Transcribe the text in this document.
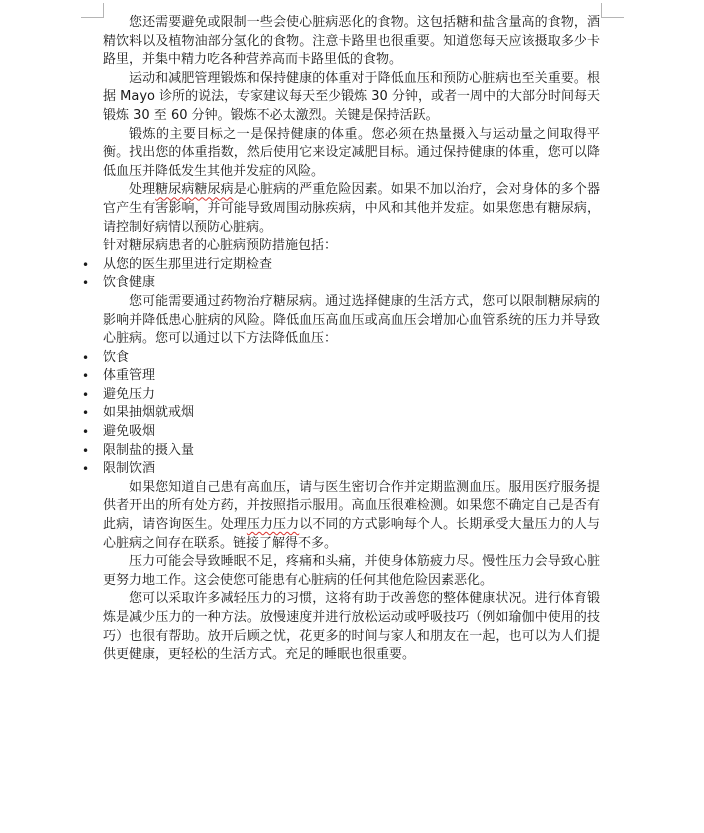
您还需要避免或限制一些会使心脏病恶化的食物。这包括糖和盐含量高的食物，酒精饮料以及植物油部分氢化的食物。注意卡路里也很重要。知道您每天应该摄取多少卡路里，并集中精力吃各种营养高而卡路里低的食物。

运动和减肥管理锻炼和保持健康的体重对于降低血压和预防心脏病也至关重要。根据 Mayo 诊所的说法，专家建议每天至少锻炼 30 分钟，或者一周中的大部分时间每天锻炼 30 至 60 分钟。锻炼不必太激烈。关键是保持活跃。

锻炼的主要目标之一是保持健康的体重。您必须在热量摄入与运动量之间取得平衡。找出您的体重指数，然后使用它来设定减肥目标。通过保持健康的体重，您可以降低血压并降低发生其他并发症的风险。

处理糖尿病糖尿病是心脏病的严重危险因素。如果不加以治疗，会对身体的多个器官产生有害影响，并可能导致周围动脉疾病，中风和其他并发症。如果您患有糖尿病，请控制好病情以预防心脏病。

针对糖尿病患者的心脏病预防措施包括：

• 从您的医生那里进行定期检查
• 饮食健康

您可能需要通过药物治疗糖尿病。通过选择健康的生活方式，您可以限制糖尿病的影响并降低患心脏病的风险。降低血压高血压或高血压会增加心血管系统的压力并导致心脏病。您可以通过以下方法降低血压：

• 饮食
• 体重管理
• 避免压力
• 如果抽烟就戒烟
• 避免吸烟
• 限制盐的摄入量
• 限制饮酒

如果您知道自己患有高血压，请与医生密切合作并定期监测血压。服用医疗服务提供者开出的所有处方药，并按照指示服用。高血压很难检测。如果您不确定自己是否有此病，请咨询医生。处理压力压力以不同的方式影响每个人。长期承受大量压力的人与心脏病之间存在联系。链接了解得不多。

压力可能会导致睡眠不足，疼痛和头痛，并使身体筋疲力尽。慢性压力会导致心脏更努力地工作。这会使您可能患有心脏病的任何其他危险因素恶化。

您可以采取许多减轻压力的习惯，这将有助于改善您的整体健康状况。进行体育锻炼是减少压力的一种方法。放慢速度并进行放松运动或呼吸技巧（例如瑜伽中使用的技巧）也很有帮助。放开后顾之忧，花更多的时间与家人和朋友在一起，也可以为人们提供更健康，更轻松的生活方式。充足的睡眠也很重要。
